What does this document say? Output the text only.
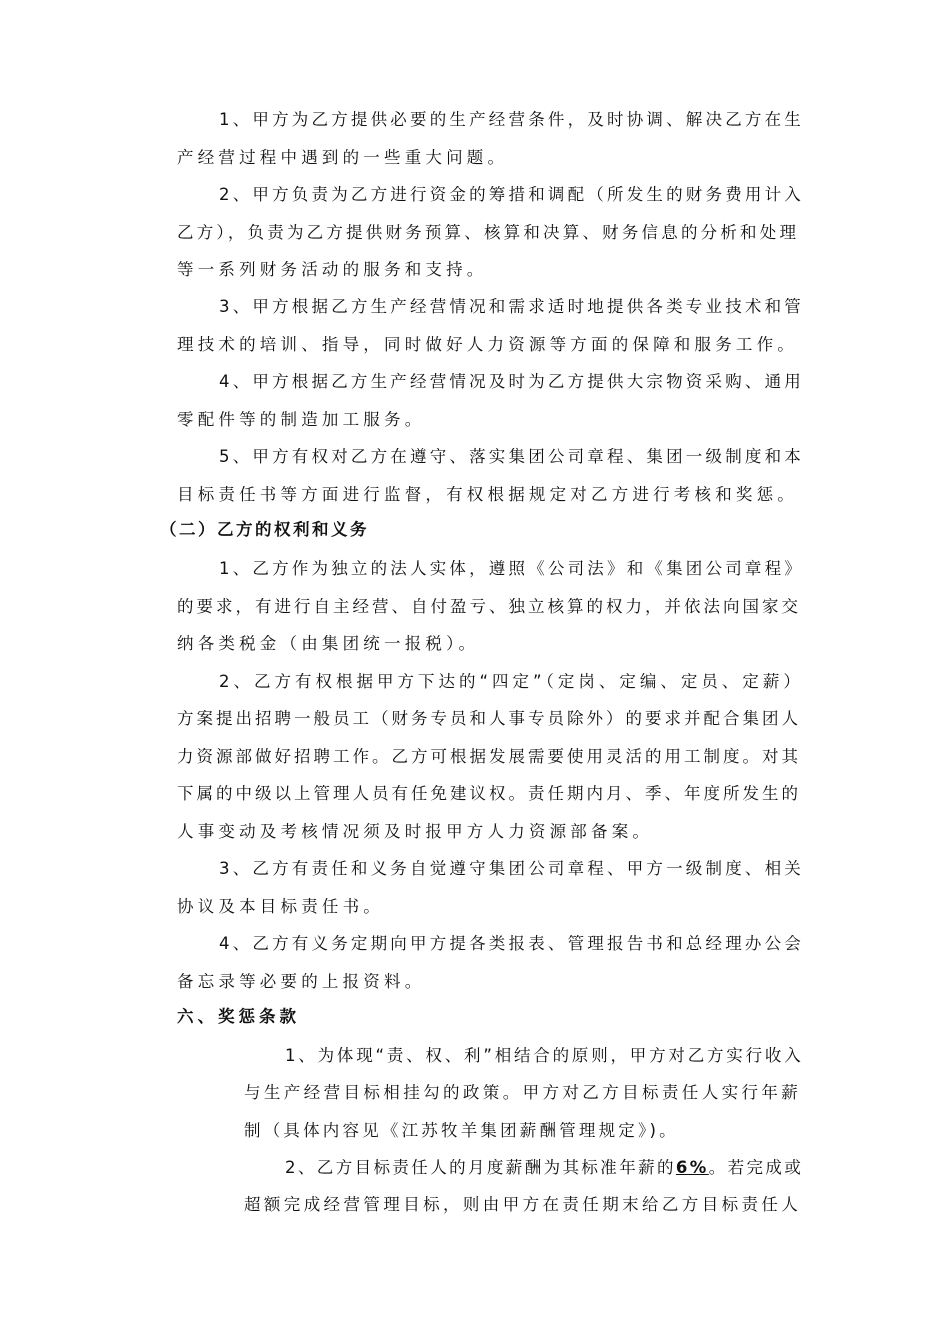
1、甲方为乙方提供必要的生产经营条件，及时协调、解决乙方在生
产经营过程中遇到的一些重大问题。
2、甲方负责为乙方进行资金的筹措和调配（所发生的财务费用计入
乙方），负责为乙方提供财务预算、核算和决算、财务信息的分析和处理
等一系列财务活动的服务和支持。
3、甲方根据乙方生产经营情况和需求适时地提供各类专业技术和管
理技术的培训、指导，同时做好人力资源等方面的保障和服务工作。
4、甲方根据乙方生产经营情况及时为乙方提供大宗物资采购、通用
零配件等的制造加工服务。
5、甲方有权对乙方在遵守、落实集团公司章程、集团一级制度和本
目标责任书等方面进行监督，有权根据规定对乙方进行考核和奖惩。
（二）乙方的权利和义务
1、乙方作为独立的法人实体，遵照《公司法》和《集团公司章程》
的要求，有进行自主经营、自付盈亏、独立核算的权力，并依法向国家交
纳各类税金（由集团统一报税）。
2、乙方有权根据甲方下达的“四定”（定岗、定编、定员、定薪）
方案提出招聘一般员工（财务专员和人事专员除外）的要求并配合集团人
力资源部做好招聘工作。乙方可根据发展需要使用灵活的用工制度。对其
下属的中级以上管理人员有任免建议权。责任期内月、季、年度所发生的
人事变动及考核情况须及时报甲方人力资源部备案。
3、乙方有责任和义务自觉遵守集团公司章程、甲方一级制度、相关
协议及本目标责任书。
4、乙方有义务定期向甲方提各类报表、管理报告书和总经理办公会
备忘录等必要的上报资料。
六、奖惩条款
1、为体现“责、权、利”相结合的原则，甲方对乙方实行收入
与生产经营目标相挂勾的政策。甲方对乙方目标责任人实行年薪
制（具体内容见《江苏牧羊集团薪酬管理规定》)。
2、乙方目标责任人的月度薪酬为其标准年薪的6%。若完成或
超额完成经营管理目标，则由甲方在责任期末给乙方目标责任人
